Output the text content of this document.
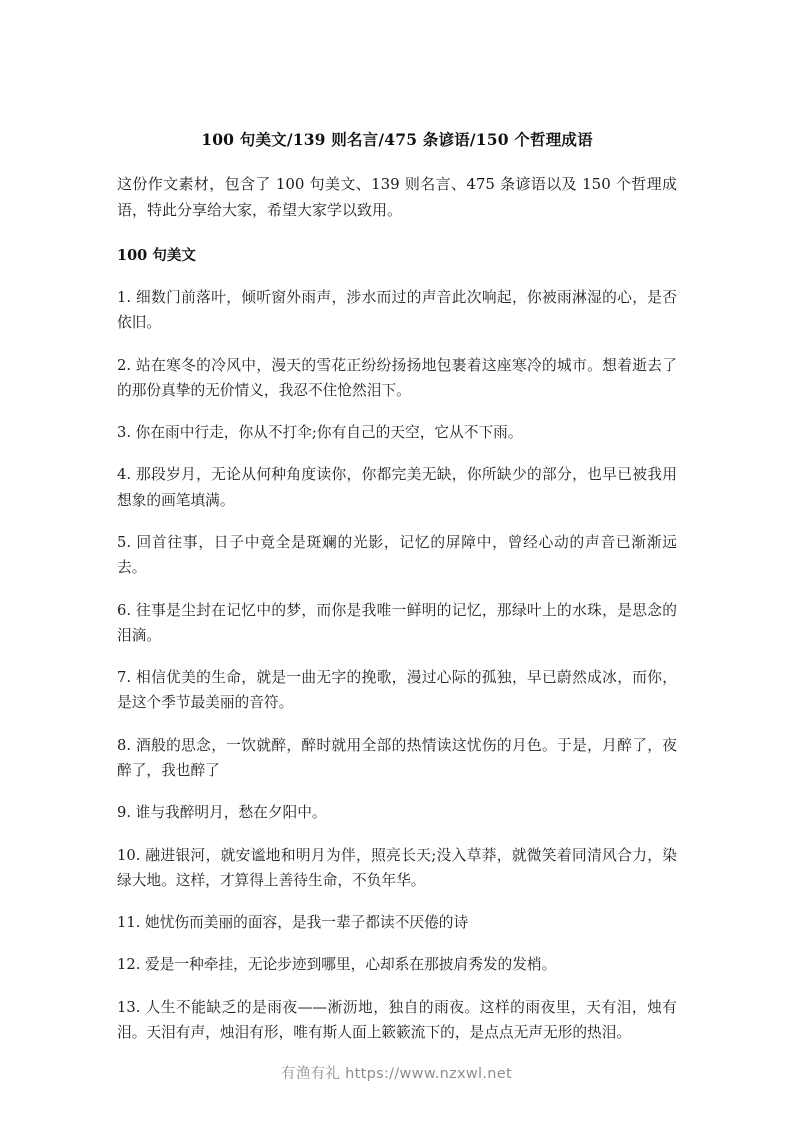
100 句美文/139 则名言/475 条谚语/150 个哲理成语

这份作文素材，包含了 100 句美文、139 则名言、475 条谚语以及 150 个哲理成语，特此分享给大家，希望大家学以致用。

100 句美文

1. 细数门前落叶，倾听窗外雨声，涉水而过的声音此次响起，你被雨淋湿的心，是否依旧。

2. 站在寒冬的冷风中，漫天的雪花正纷纷扬扬地包裹着这座寒冷的城市。想着逝去了的那份真挚的无价情义，我忍不住怆然泪下。

3. 你在雨中行走，你从不打伞;你有自己的天空，它从不下雨。

4. 那段岁月，无论从何种角度读你，你都完美无缺，你所缺少的部分，也早已被我用想象的画笔填满。

5. 回首往事，日子中竟全是斑斓的光影，记忆的屏障中，曾经心动的声音已渐渐远去。

6. 往事是尘封在记忆中的梦，而你是我唯一鲜明的记忆，那绿叶上的水珠，是思念的泪滴。

7. 相信优美的生命，就是一曲无字的挽歌，漫过心际的孤独，早已蔚然成冰，而你，是这个季节最美丽的音符。

8. 酒般的思念，一饮就醉，醉时就用全部的热情读这忧伤的月色。于是，月醉了，夜醉了，我也醉了

9. 谁与我醉明月，愁在夕阳中。

10. 融进银河，就安谧地和明月为伴，照亮长天;没入草莽，就微笑着同清风合力，染绿大地。这样，才算得上善待生命，不负年华。

11. 她忧伤而美丽的面容，是我一辈子都读不厌倦的诗

12. 爱是一种牵挂，无论步迹到哪里，心却系在那披肩秀发的发梢。

13. 人生不能缺乏的是雨夜——淅沥地，独自的雨夜。这样的雨夜里，天有泪，烛有泪。天泪有声，烛泪有形，唯有斯人面上簌簌流下的，是点点无声无形的热泪。

有渔有礼 https://www.nzxwl.net
